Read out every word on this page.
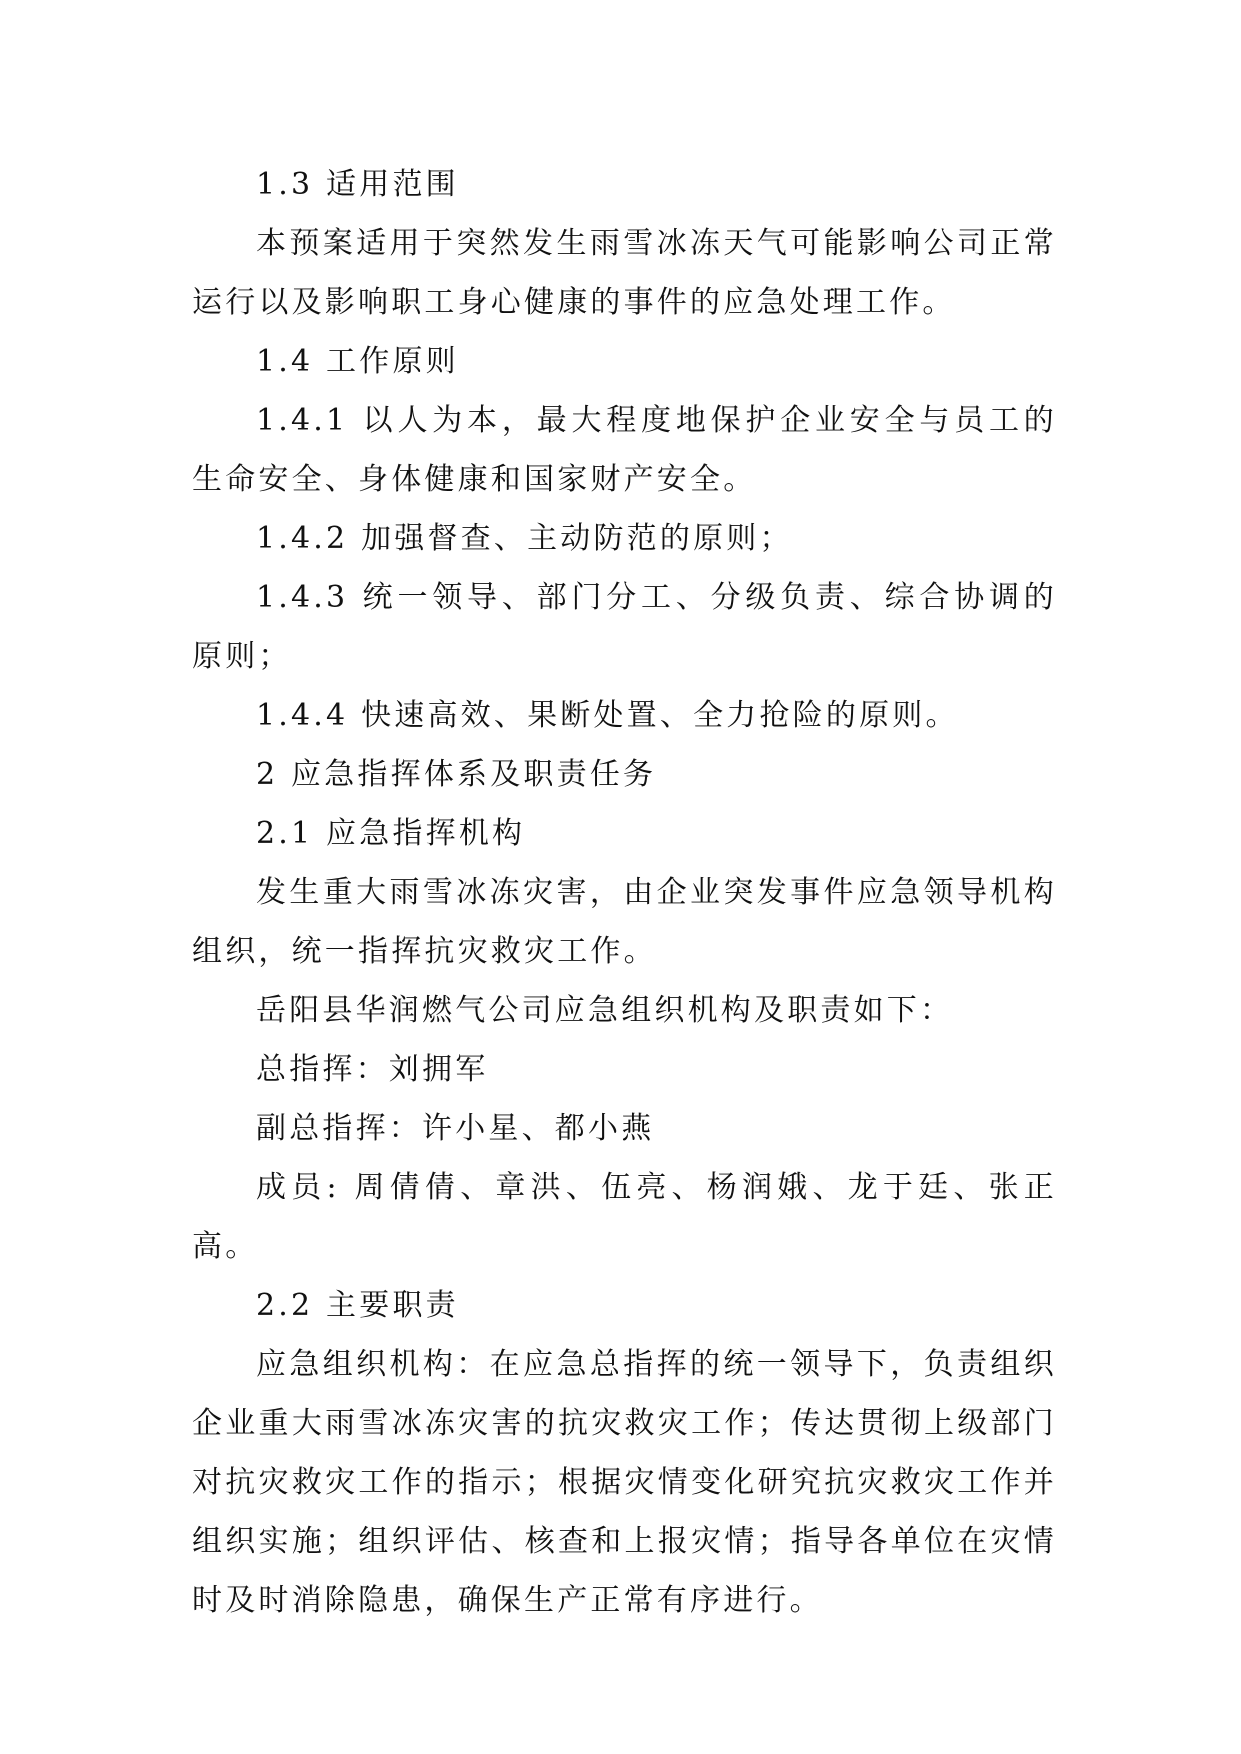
1.3 适用范围

本预案适用于突然发生雨雪冰冻天气可能影响公司正常运行以及影响职工身心健康的事件的应急处理工作。

1.4 工作原则

1.4.1 以人为本，最大程度地保护企业安全与员工的生命安全、身体健康和国家财产安全。

1.4.2 加强督查、主动防范的原则；

1.4.3 统一领导、部门分工、分级负责、综合协调的原则；

1.4.4 快速高效、果断处置、全力抢险的原则。

2 应急指挥体系及职责任务

2.1 应急指挥机构

发生重大雨雪冰冻灾害，由企业突发事件应急领导机构组织，统一指挥抗灾救灾工作。

岳阳县华润燃气公司应急组织机构及职责如下：

总指挥：刘拥军

副总指挥：许小星、都小燕

成员: 周倩倩、章洪、伍亮、杨润娥、龙于廷、张正高。

2.2 主要职责

应急组织机构：在应急总指挥的统一领导下，负责组织企业重大雨雪冰冻灾害的抗灾救灾工作；传达贯彻上级部门对抗灾救灾工作的指示；根据灾情变化研究抗灾救灾工作并组织实施；组织评估、核查和上报灾情；指导各单位在灾情时及时消除隐患，确保生产正常有序进行。
